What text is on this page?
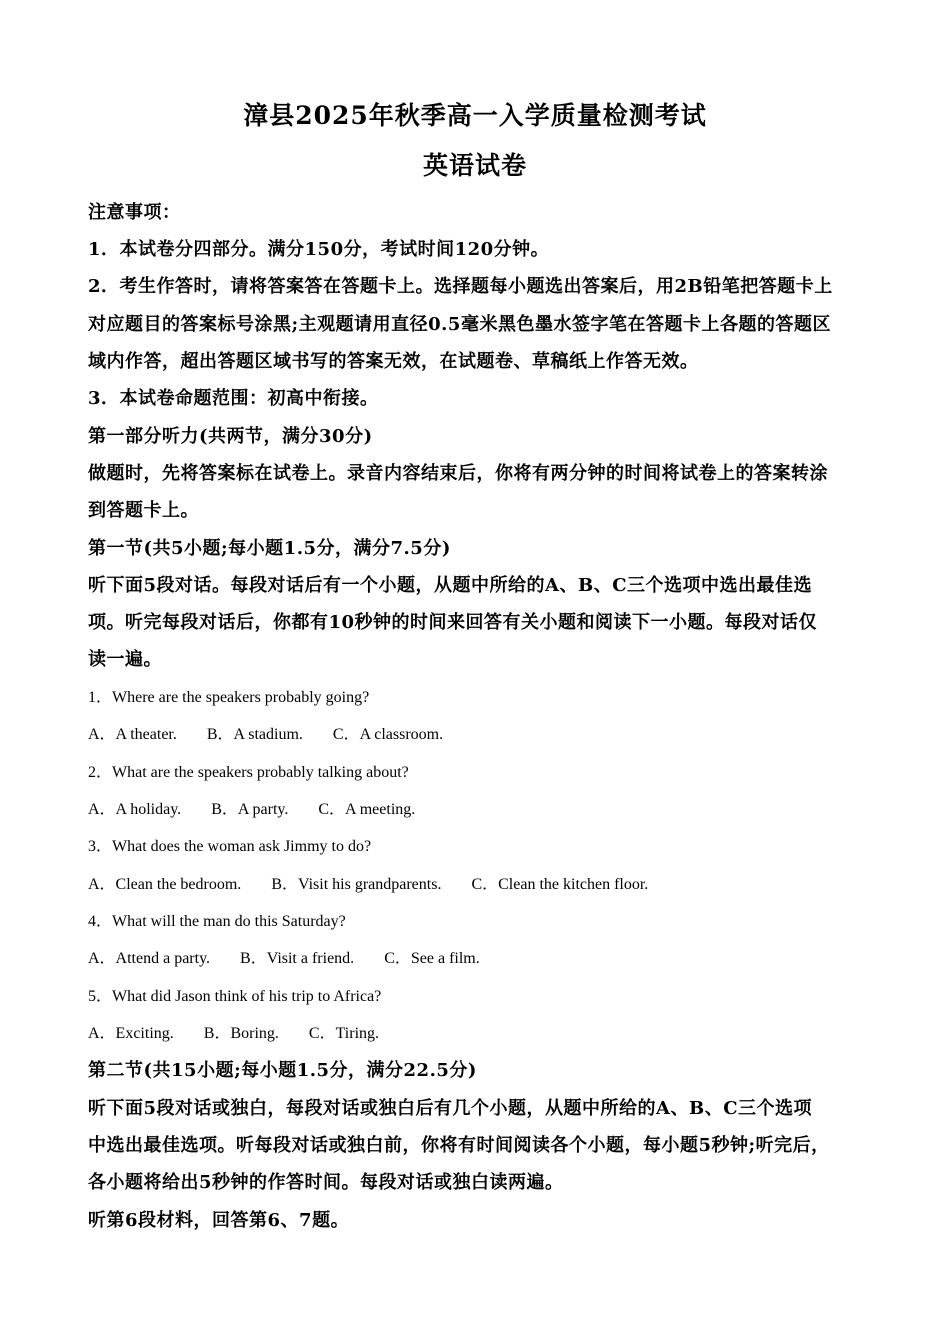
漳县2025年秋季高一入学质量检测考试
英语试卷
注意事项：
1．本试卷分四部分。满分150分，考试时间120分钟。
2．考生作答时，请将答案答在答题卡上。选择题每小题选出答案后，用2B铅笔把答题卡上
对应题目的答案标号涂黑;主观题请用直径0.5毫米黑色墨水签字笔在答题卡上各题的答题区
域内作答，超出答题区域书写的答案无效，在试题卷、草稿纸上作答无效。
3．本试卷命题范围：初高中衔接。
第一部分听力(共两节，满分30分)
做题时，先将答案标在试卷上。录音内容结束后，你将有两分钟的时间将试卷上的答案转涂
到答题卡上。
第一节(共5小题;每小题1.5分，满分7.5分)
听下面5段对话。每段对话后有一个小题，从题中所给的A、B、C三个选项中选出最佳选
项。听完每段对话后，你都有10秒钟的时间来回答有关小题和阅读下一小题。每段对话仅
读一遍。
1．Where are the speakers probably going?
A．A theater. B．A stadium. C．A classroom.
2．What are the speakers probably talking about?
A．A holiday. B．A party. C．A meeting.
3．What does the woman ask Jimmy to do?
A．Clean the bedroom. B．Visit his grandparents. C．Clean the kitchen floor.
4．What will the man do this Saturday?
A．Attend a party. B．Visit a friend. C．See a film.
5．What did Jason think of his trip to Africa?
A．Exciting. B．Boring. C．Tiring.
第二节(共15小题;每小题1.5分，满分22.5分)
听下面5段对话或独白，每段对话或独白后有几个小题，从题中所给的A、B、C三个选项
中选出最佳选项。听每段对话或独白前，你将有时间阅读各个小题，每小题5秒钟;听完后，
各小题将给出5秒钟的作答时间。每段对话或独白读两遍。
听第6段材料，回答第6、7题。
